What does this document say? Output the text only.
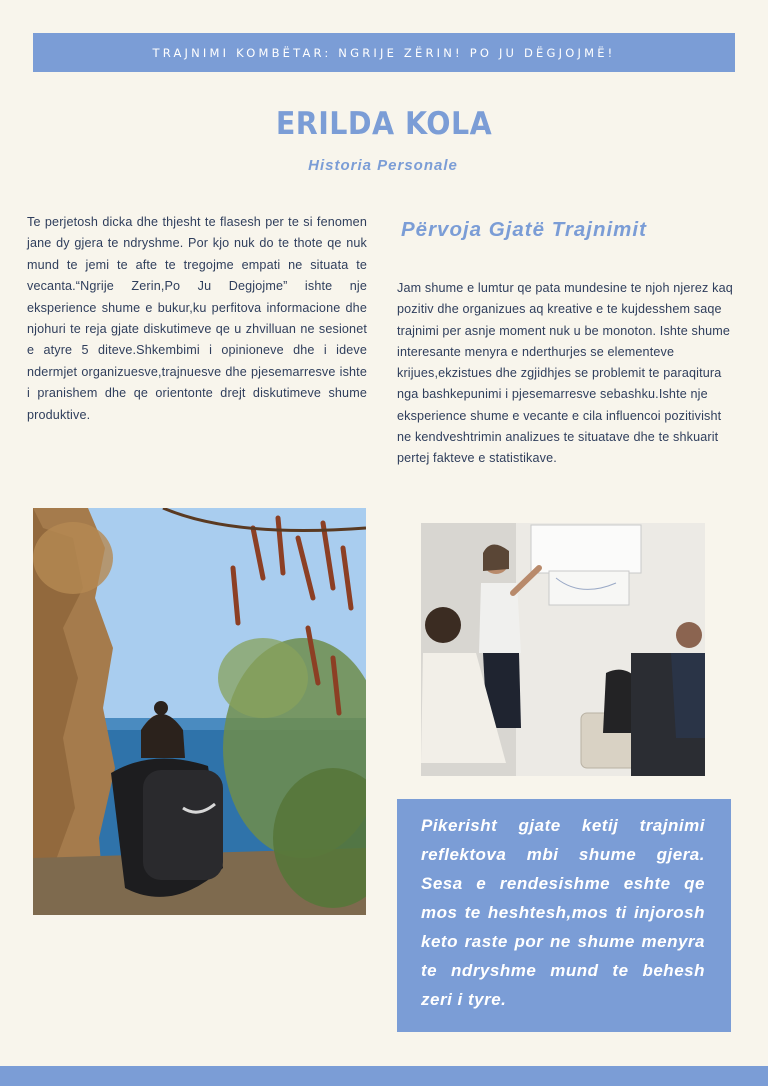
TRAJNIMI KOMBËTAR: NGRIJE ZËRIN! PO JU DËGJOJMË!
ERILDA KOLA
Historia Personale
Te perjetosh dicka dhe thjesht te flasesh per te si fenomen jane dy gjera te ndryshme. Por kjo nuk do te thote qe nuk mund te jemi te afte te tregojme empati ne situata te vecanta.“Ngrije Zerin,Po Ju Degjojme” ishte nje eksperience shume e bukur,ku perfitova informacione dhe njohuri te reja gjate diskutimeve qe u zhvilluan ne sesionet e atyre 5 diteve.Shkembimi i opinioneve dhe i ideve ndermjet organizuesve,trajnuesve dhe pjesemarresve ishte i pranishem dhe qe orientonte drejt diskutimeve shume produktive.
Përvoja Gjatë Trajnimit
Jam shume e lumtur qe pata mundesine te njoh njerez kaq pozitiv dhe organizues aq kreative e te kujdesshem saqe trajnimi per asnje moment nuk u be monoton. Ishte shume interesante menyra e nderthurjes se elementeve krijues,ekzistues dhe zgjidhjes se problemit te paraqitura nga bashkepunimi i pjesemarresve sebashku.Ishte nje eksperience shume e vecante e cila influencoi pozitivisht ne kendveshtrimin analizues te situatave dhe te shkuarit pertej fakteve e statistikave.
Pikerisht gjate ketij trajnimi reflektova mbi shume gjera. Sesa e rendesishme eshte qe mos te heshtesh,mos ti injorosh keto raste por ne shume menyra te ndryshme mund te behesh zeri i tyre.
